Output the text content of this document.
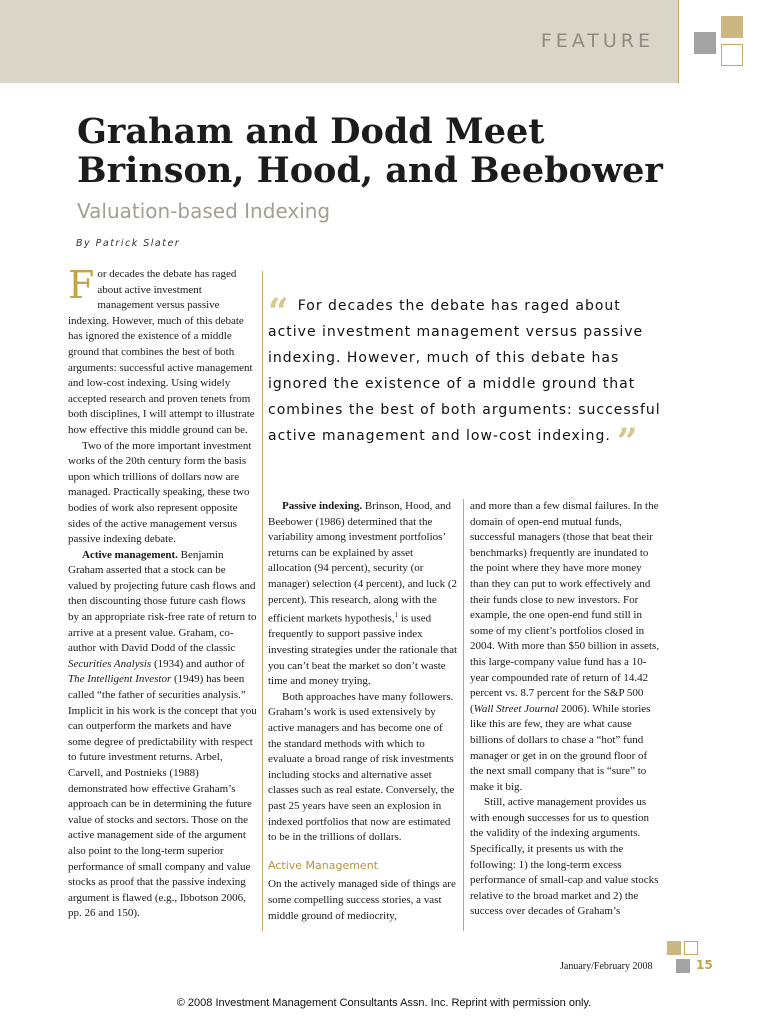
FEATURE
Graham and Dodd Meet Brinson, Hood, and Beebower
Valuation-based Indexing
By Patrick Slater

For decades the debate has raged about active investment management versus passive indexing. However, much of this debate has ignored the existence of a middle ground that combines the best of both arguments: successful active management and low-cost indexing. Using widely accepted research and proven tenets from both disciplines, I will attempt to illustrate how effective this middle ground can be.

Two of the more important investment works of the 20th century form the basis upon which trillions of dollars now are managed. Practically speaking, these two bodies of work also represent opposite sides of the active management versus passive indexing debate.

Active management. Benjamin Graham asserted that a stock can be valued by projecting future cash flows and then discounting those future cash flows by an appropriate risk-free rate of return to arrive at a present value. Graham, co-author with David Dodd of the classic Securities Analysis (1934) and author of The Intelligent Investor (1949) has been called “the father of securities analysis.” Implicit in his work is the concept that you can outperform the markets and have some degree of predictability with respect to future investment returns. Arbel, Carvell, and Postnieks (1988) demonstrated how effective Graham’s approach can be in determining the future value of stocks and sectors. Those on the active management side of the argument also point to the long-term superior performance of small company and value stocks as proof that the passive indexing argument is flawed (e.g., Ibbotson 2006, pp. 26 and 150).

“ For decades the debate has raged about active investment management versus passive indexing. However, much of this debate has ignored the existence of a middle ground that combines the best of both arguments: successful active management and low-cost indexing. ”

Passive indexing. Brinson, Hood, and Beebower (1986) determined that the variability among investment portfolios’ returns can be explained by asset allocation (94 percent), security (or manager) selection (4 percent), and luck (2 percent). This research, along with the efficient markets hypothesis,$^1$ is used frequently to support passive index investing strategies under the rationale that you can’t beat the market so don’t waste time and money trying.

Both approaches have many followers. Graham’s work is used extensively by active managers and has become one of the standard methods with which to evaluate a broad range of risk investments including stocks and alternative asset classes such as real estate. Conversely, the past 25 years have seen an explosion in indexed portfolios that now are estimated to be in the trillions of dollars.

Active Management

On the actively managed side of things are some compelling success stories, a vast middle ground of mediocrity,

and more than a few dismal failures. In the domain of open-end mutual funds, successful managers (those that beat their benchmarks) frequently are inundated to the point where they have more money than they can put to work effectively and their funds close to new investors. For example, the one open-end fund still in some of my client’s portfolios closed in 2004. With more than $50 billion in assets, this large-company value fund has a 10-year compounded rate of return of 14.42 percent vs. 8.7 percent for the S&P 500 (Wall Street Journal 2006). While stories like this are few, they are what cause billions of dollars to chase a “hot” fund manager or get in on the ground floor of the next small company that is “sure” to make it big.

Still, active management provides us with enough successes for us to question the validity of the indexing arguments. Specifically, it presents us with the following: 1) the long-term excess performance of small-cap and value stocks relative to the broad market and 2) the success over decades of Graham’s

January/February 2008	15
© 2008 Investment Management Consultants Assn. Inc. Reprint with permission only.
